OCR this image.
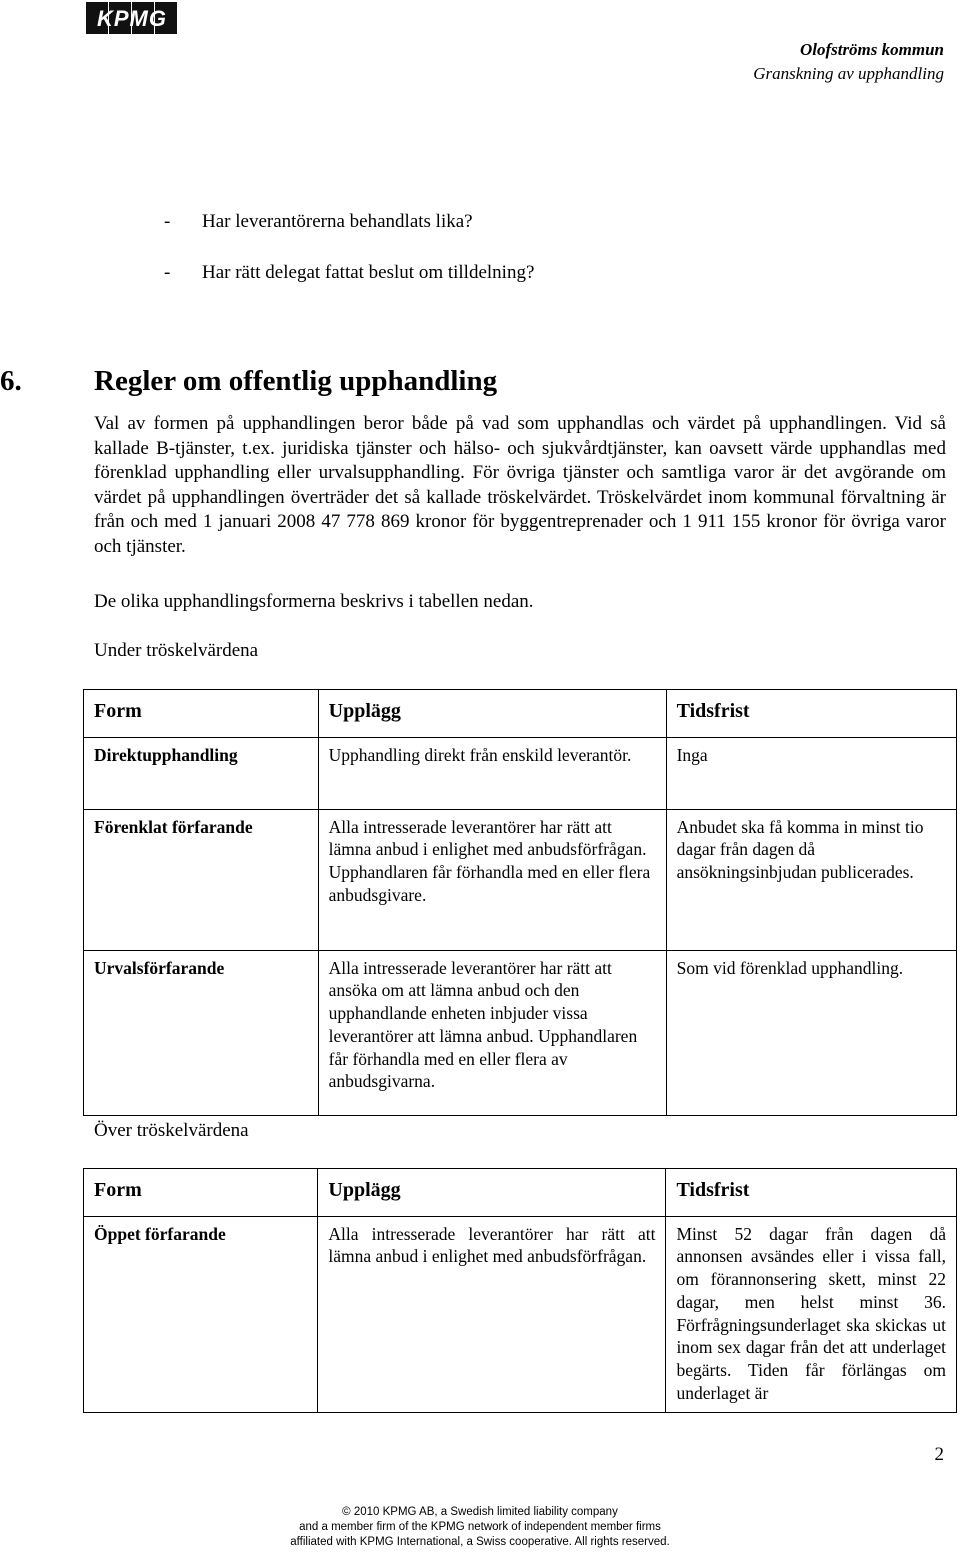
KPMG
Olofströms kommun
Granskning av upphandling
- Har leverantörerna behandlats lika?
- Har rätt delegat fattat beslut om tilldelning?
6. Regler om offentlig upphandling
Val av formen på upphandlingen beror både på vad som upphandlas och värdet på upphandlingen. Vid så kallade B-tjänster, t.ex. juridiska tjänster och hälso- och sjukvårdtjänster, kan oavsett värde upphandlas med förenklad upphandling eller urvalsupphandling. För övriga tjänster och samtliga varor är det avgörande om värdet på upphandlingen överträder det så kallade tröskelvärdet. Tröskelvärdet inom kommunal förvaltning är från och med 1 januari 2008 47 778 869 kronor för byggentreprenader och 1 911 155 kronor för övriga varor och tjänster.
De olika upphandlingsformerna beskrivs i tabellen nedan.
Under tröskelvärdena
Form	Upplägg	Tidsfrist
Direktupphandling	Upphandling direkt från enskild leverantör.	Inga
Förenklat förfarande	Alla intresserade leverantörer har rätt att lämna anbud i enlighet med anbudsförfrågan. Upphandlaren får förhandla med en eller flera anbudsgivare.	Anbudet ska få komma in minst tio dagar från dagen då ansökningsinbjudan publicerades.
Urvalsförfarande	Alla intresserade leverantörer har rätt att ansöka om att lämna anbud och den upphandlande enheten inbjuder vissa leverantörer att lämna anbud. Upphandlaren får förhandla med en eller flera av anbudsgivarna.	Som vid förenklad upphandling.
Över tröskelvärdena
Form	Upplägg	Tidsfrist
Öppet förfarande	Alla intresserade leverantörer har rätt att lämna anbud i enlighet med anbudsförfrågan.	Minst 52 dagar från dagen då annonsen avsändes eller i vissa fall, om förannonsering skett, minst 22 dagar, men helst minst 36. Förfrågningsunderlaget ska skickas ut inom sex dagar från det att underlaget begärts. Tiden får förlängas om underlaget är
2
© 2010 KPMG AB, a Swedish limited liability company
and a member firm of the KPMG network of independent member firms
affiliated with KPMG International, a Swiss cooperative. All rights reserved.
